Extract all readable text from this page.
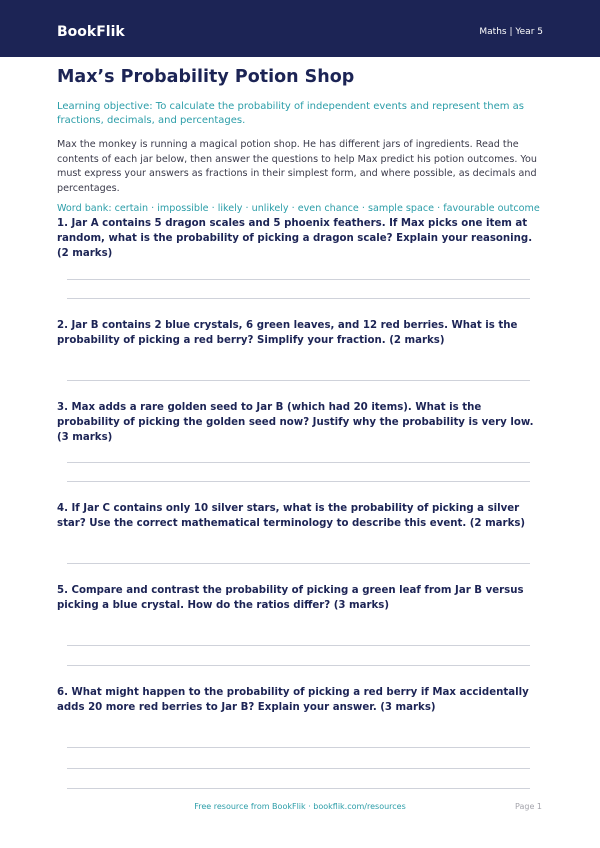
BookFlik	Maths | Year 5
Max’s Probability Potion Shop
Learning objective: To calculate the probability of independent events and represent them as fractions, decimals, and percentages.
Max the monkey is running a magical potion shop. He has different jars of ingredients. Read the contents of each jar below, then answer the questions to help Max predict his potion outcomes. You must express your answers as fractions in their simplest form, and where possible, as decimals and percentages.
Word bank: certain · impossible · likely · unlikely · even chance · sample space · favourable outcome
1. Jar A contains 5 dragon scales and 5 phoenix feathers. If Max picks one item at random, what is the probability of picking a dragon scale? Explain your reasoning. (2 marks)
2. Jar B contains 2 blue crystals, 6 green leaves, and 12 red berries. What is the probability of picking a red berry? Simplify your fraction. (2 marks)
3. Max adds a rare golden seed to Jar B (which had 20 items). What is the probability of picking the golden seed now? Justify why the probability is very low. (3 marks)
4. If Jar C contains only 10 silver stars, what is the probability of picking a silver star? Use the correct mathematical terminology to describe this event. (2 marks)
5. Compare and contrast the probability of picking a green leaf from Jar B versus picking a blue crystal. How do the ratios differ? (3 marks)
6. What might happen to the probability of picking a red berry if Max accidentally adds 20 more red berries to Jar B? Explain your answer. (3 marks)
Free resource from BookFlik · bookflik.com/resources	Page 1
